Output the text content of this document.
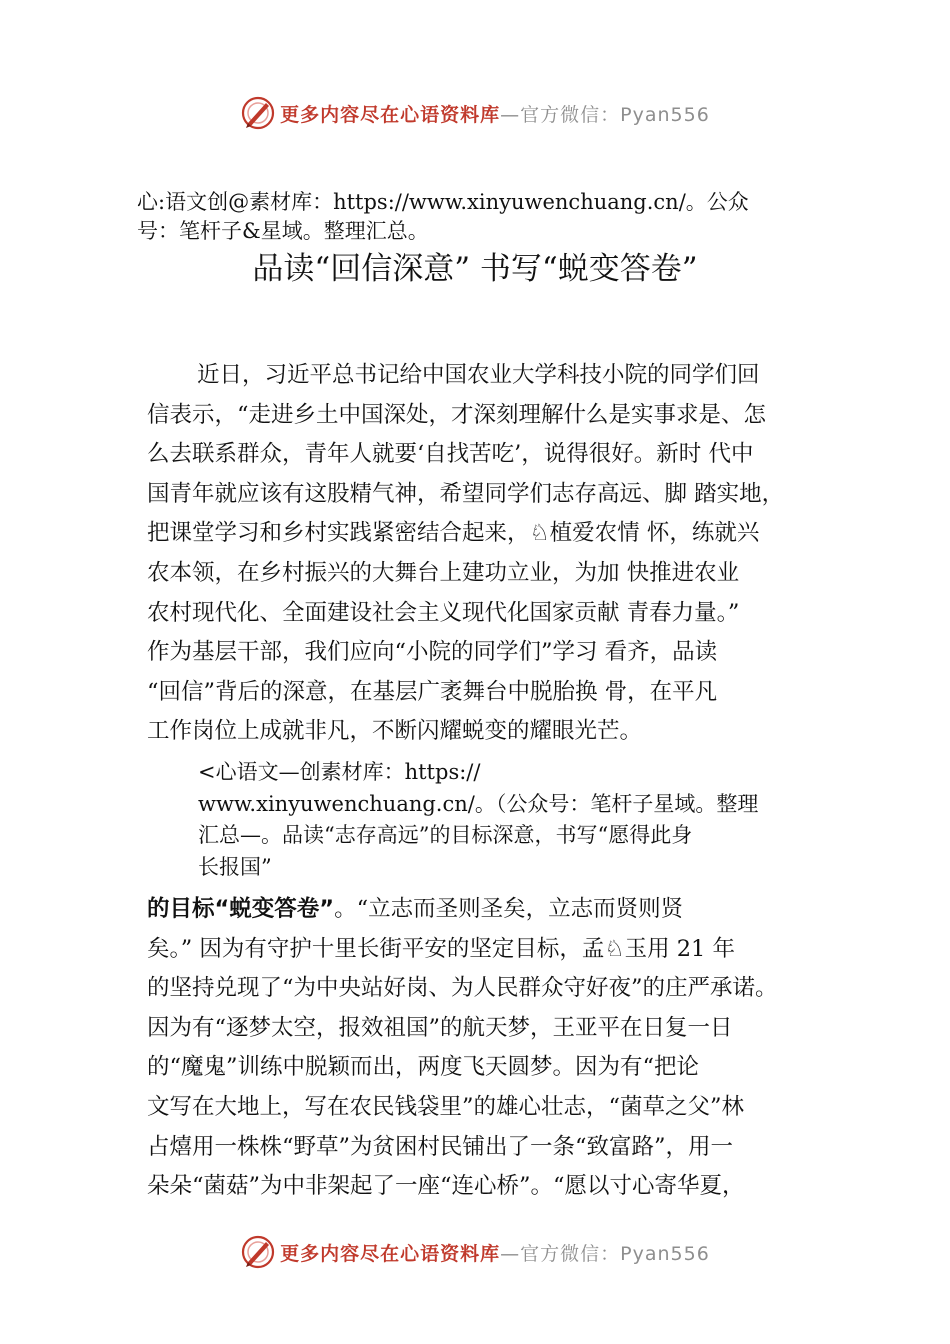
更多内容尽在心语资料库 —官方微信：Pyan556
心:语文创@素材库：https://www.xinyuwenchuang.cn/。公众
号：笔杆子&星域。整理汇总。
品读“回信深意” 书写“蜕变答卷”
近日，习近平总书记给中国农业大学科技小院的同学们回
信表示，“走进乡土中国深处，才深刻理解什么是实事求是、怎
么去联系群众，青年人就要‘自找苦吃’，说得很好。新时 代中
国青年就应该有这股精气神，希望同学们志存高远、脚 踏实地，
把课堂学习和乡村实践紧密结合起来，♘植爱农情 怀，练就兴
农本领，在乡村振兴的大舞台上建功立业，为加 快推进农业
农村现代化、全面建设社会主义现代化国家贡献 青春力量。”
作为基层干部，我们应向“小院的同学们”学习 看齐，品读
“回信”背后的深意，在基层广袤舞台中脱胎换 骨，在平凡
工作岗位上成就非凡，不断闪耀蜕变的耀眼光芒。
<心语文—创素材库：https://
www.xinyuwenchuang.cn/。（公众号：笔杆子星域。整理
汇总—。品读“志存高远”的目标深意，书写“愿得此身
长报国”
的目标“蜕变答卷”。“立志而圣则圣矣，立志而贤则贤
矣。” 因为有守护十里长街平安的坚定目标，孟♘玉用 21 年
的坚持兑现了“为中央站好岗、为人民群众守好夜”的庄严承诺。
因为有“逐梦太空，报效祖国”的航天梦，王亚平在日复一日
的“魔鬼”训练中脱颖而出，两度飞天圆梦。因为有“把论
文写在大地上，写在农民钱袋里”的雄心壮志，“菌草之父”林
占熺用一株株“野草”为贫困村民铺出了一条“致富路”，用一
朵朵“菌菇”为中非架起了一座“连心桥”。“愿以寸心寄华夏，
更多内容尽在心语资料库 —官方微信：Pyan556
